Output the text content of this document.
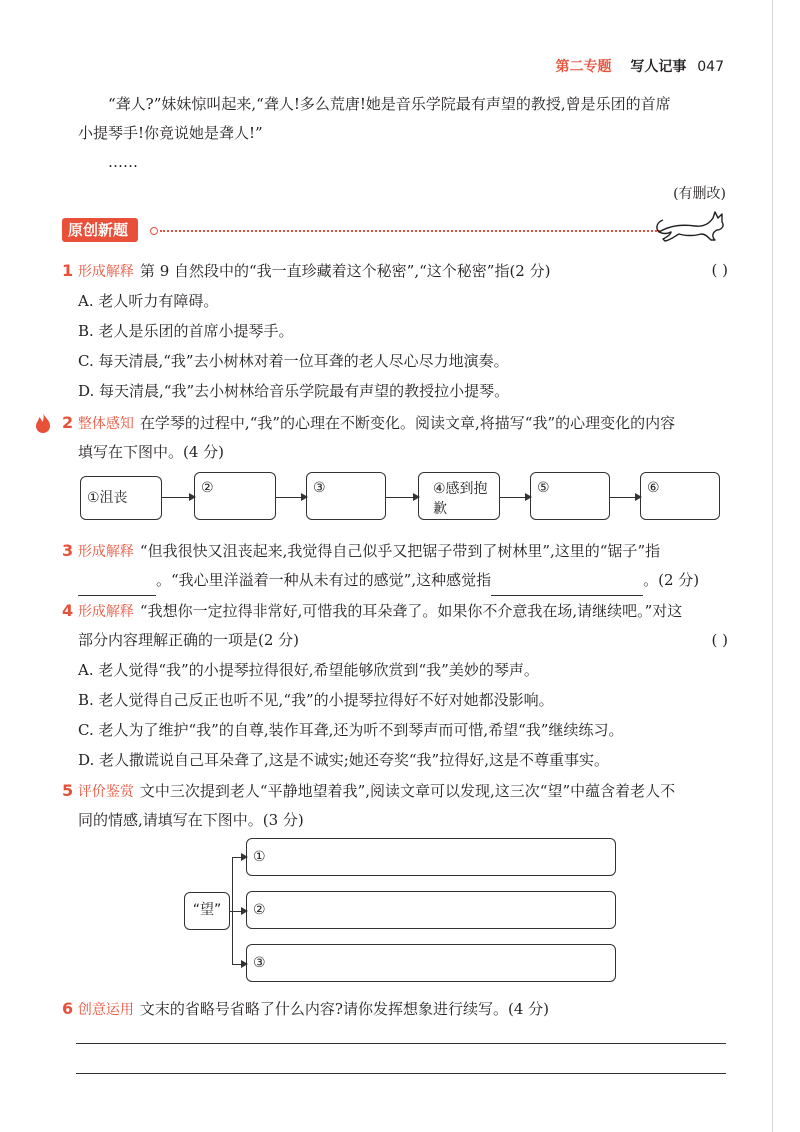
第二专题 写人记事 047
“聋人?”妹妹惊叫起来,“聋人!多么荒唐!她是音乐学院最有声望的教授,曾是乐团的首席
小提琴手!你竟说她是聋人!”
……
(有删改)
原创新题
1 形成解释 第 9 自然段中的“我一直珍藏着这个秘密”,“这个秘密”指(2 分)	( )
A. 老人听力有障碍。
B. 老人是乐团的首席小提琴手。
C. 每天清晨,“我”去小树林对着一位耳聋的老人尽心尽力地演奏。
D. 每天清晨,“我”去小树林给音乐学院最有声望的教授拉小提琴。
2 整体感知 在学琴的过程中,“我”的心理在不断变化。阅读文章,将描写“我”的心理变化的内容
填写在下图中。(4 分)
①沮丧
②	③	④感到抱歉
⑤	⑥
3 形成解释 “但我很快又沮丧起来,我觉得自己似乎又把锯子带到了树林里”,这里的“锯子”指
。“我心里洋溢着一种从未有过的感觉”,这种感觉指	。(2 分)
4 形成解释 “我想你一定拉得非常好,可惜我的耳朵聋了。如果你不介意我在场,请继续吧。”对这
部分内容理解正确的一项是(2 分)	( )
A. 老人觉得“我”的小提琴拉得很好,希望能够欣赏到“我”美妙的琴声。
B. 老人觉得自己反正也听不见,“我”的小提琴拉得好不好对她都没影响。
C. 老人为了维护“我”的自尊,装作耳聋,还为听不到琴声而可惜,希望“我”继续练习。
D. 老人撒谎说自己耳朵聋了,这是不诚实;她还夸奖“我”拉得好,这是不尊重事实。
5 评价鉴赏 文中三次提到老人“平静地望着我”,阅读文章可以发现,这三次“望”中蕴含着老人不
同的情感,请填写在下图中。(3 分)
“望”
①
②
③
6 创意运用 文末的省略号省略了什么内容?请你发挥想象进行续写。(4 分)
